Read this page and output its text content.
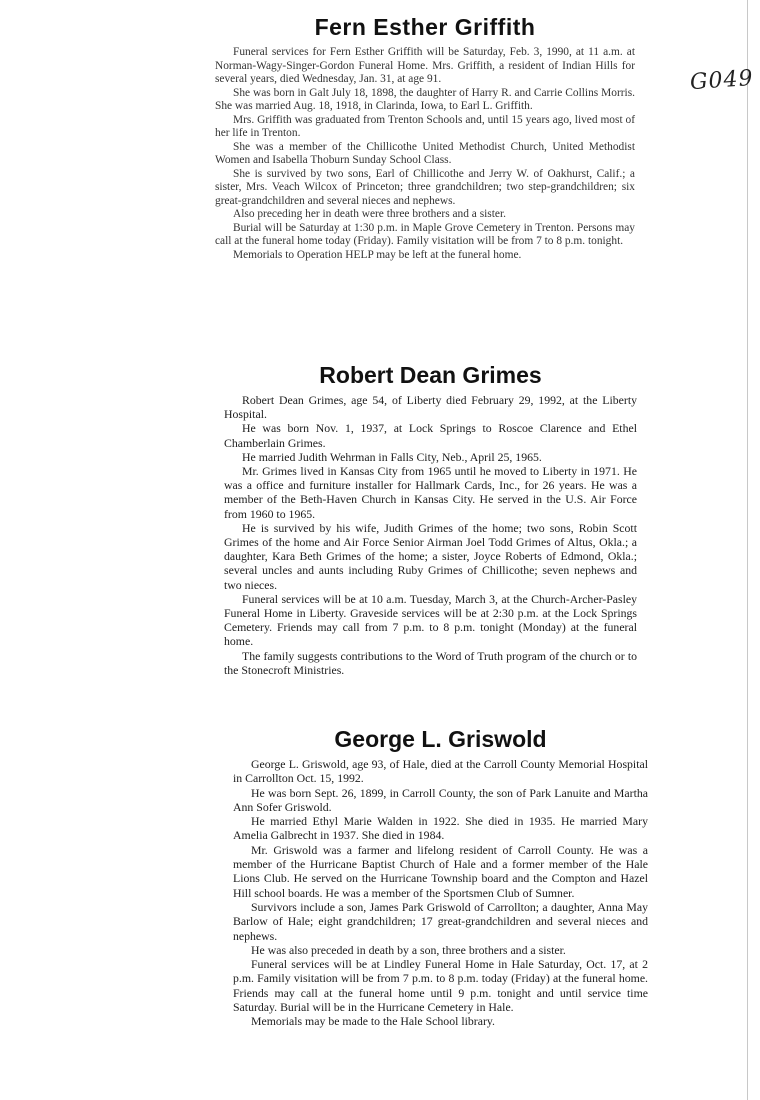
G049
Fern Esther Griffith

Funeral services for Fern Esther Griffith will be Saturday, Feb. 3, 1990, at 11 a.m. at Norman-Wagy-Singer-Gordon Funeral Home. Mrs. Griffith, a resident of Indian Hills for several years, died Wednesday, Jan. 31, at age 91.

She was born in Galt July 18, 1898, the daughter of Harry R. and Carrie Collins Morris. She was married Aug. 18, 1918, in Clarinda, Iowa, to Earl L. Griffith.

Mrs. Griffith was graduated from Trenton Schools and, until 15 years ago, lived most of her life in Trenton.

She was a member of the Chillicothe United Methodist Church, United Methodist Women and Isabella Thoburn Sunday School Class.

She is survived by two sons, Earl of Chillicothe and Jerry W. of Oakhurst, Calif.; a sister, Mrs. Veach Wilcox of Princeton; three grandchildren; two step-grandchildren; six great-grandchildren and several nieces and nephews.

Also preceding her in death were three brothers and a sister.

Burial will be Saturday at 1:30 p.m. in Maple Grove Cemetery in Trenton. Persons may call at the funeral home today (Friday). Family visitation will be from 7 to 8 p.m. tonight.

Memorials to Operation HELP may be left at the funeral home.

Robert Dean Grimes

Robert Dean Grimes, age 54, of Liberty died February 29, 1992, at the Liberty Hospital.

He was born Nov. 1, 1937, at Lock Springs to Roscoe Clarence and Ethel Chamberlain Grimes.

He married Judith Wehrman in Falls City, Neb., April 25, 1965.

Mr. Grimes lived in Kansas City from 1965 until he moved to Liberty in 1971. He was a office and furniture installer for Hallmark Cards, Inc., for 26 years. He was a member of the Beth-Haven Church in Kansas City. He served in the U.S. Air Force from 1960 to 1965.

He is survived by his wife, Judith Grimes of the home; two sons, Robin Scott Grimes of the home and Air Force Senior Airman Joel Todd Grimes of Altus, Okla.; a daughter, Kara Beth Grimes of the home; a sister, Joyce Roberts of Edmond, Okla.; several uncles and aunts including Ruby Grimes of Chillicothe; seven nephews and two nieces.

Funeral services will be at 10 a.m. Tuesday, March 3, at the Church-Archer-Pasley Funeral Home in Liberty. Graveside services will be at 2:30 p.m. at the Lock Springs Cemetery. Friends may call from 7 p.m. to 8 p.m. tonight (Monday) at the funeral home.

The family suggests contributions to the Word of Truth program of the church or to the Stonecroft Ministries.

George L. Griswold

George L. Griswold, age 93, of Hale, died at the Carroll County Memorial Hospital in Carrollton Oct. 15, 1992.

He was born Sept. 26, 1899, in Carroll County, the son of Park Lanuite and Martha Ann Sofer Griswold.

He married Ethyl Marie Walden in 1922. She died in 1935. He married Mary Amelia Galbrecht in 1937. She died in 1984.

Mr. Griswold was a farmer and lifelong resident of Carroll County. He was a member of the Hurricane Baptist Church of Hale and a former member of the Hale Lions Club. He served on the Hurricane Township board and the Compton and Hazel Hill school boards. He was a member of the Sportsmen Club of Sumner.

Survivors include a son, James Park Griswold of Carrollton; a daughter, Anna May Barlow of Hale; eight grandchildren; 17 great-grandchildren and several nieces and nephews.

He was also preceded in death by a son, three brothers and a sister.

Funeral services will be at Lindley Funeral Home in Hale Saturday, Oct. 17, at 2 p.m. Family visitation will be from 7 p.m. to 8 p.m. today (Friday) at the funeral home. Friends may call at the funeral home until 9 p.m. tonight and until service time Saturday. Burial will be in the Hurricane Cemetery in Hale.

Memorials may be made to the Hale School library.
